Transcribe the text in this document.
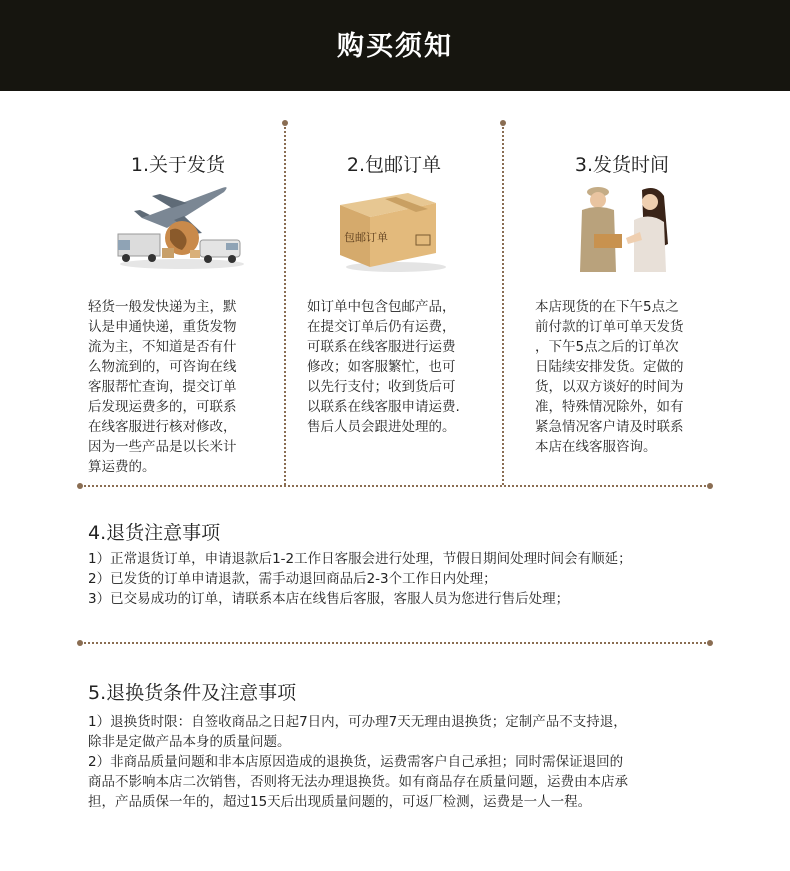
购买须知
1.关于发货
轻货一般发快递为主，默
认是申通快递，重货发物
流为主，不知道是否有什
么物流到的，可咨询在线
客服帮忙查询，提交订单
后发现运费多的，可联系
在线客服进行核对修改，
因为一些产品是以长米计
算运费的。
2.包邮订单
包邮订单
如订单中包含包邮产品，
在提交订单后仍有运费，
可联系在线客服进行运费
修改；如客服繁忙，也可
以先行支付；收到货后可
以联系在线客服申请运费.
售后人员会跟进处理的。
3.发货时间
本店现货的在下午5点之
前付款的订单可单天发货
，下午5点之后的订单次
日陆续安排发货。定做的
货，以双方谈好的时间为
准，特殊情况除外，如有
紧急情况客户请及时联系
本店在线客服咨询。
4.退货注意事项
1）正常退货订单，申请退款后1-2工作日客服会进行处理，节假日期间处理时间会有顺延；
2）已发货的订单申请退款，需手动退回商品后2-3个工作日内处理；
3）已交易成功的订单，请联系本店在线售后客服，客服人员为您进行售后处理；
5.退换货条件及注意事项
1）退换货时限：自签收商品之日起7日内，可办理7天无理由退换货；定制产品不支持退，
除非是定做产品本身的质量问题。
2）非商品质量问题和非本店原因造成的退换货，运费需客户自己承担；同时需保证退回的
商品不影响本店二次销售，否则将无法办理退换货。如有商品存在质量问题，运费由本店承
担，产品质保一年的，超过15天后出现质量问题的，可返厂检测，运费是一人一程。
